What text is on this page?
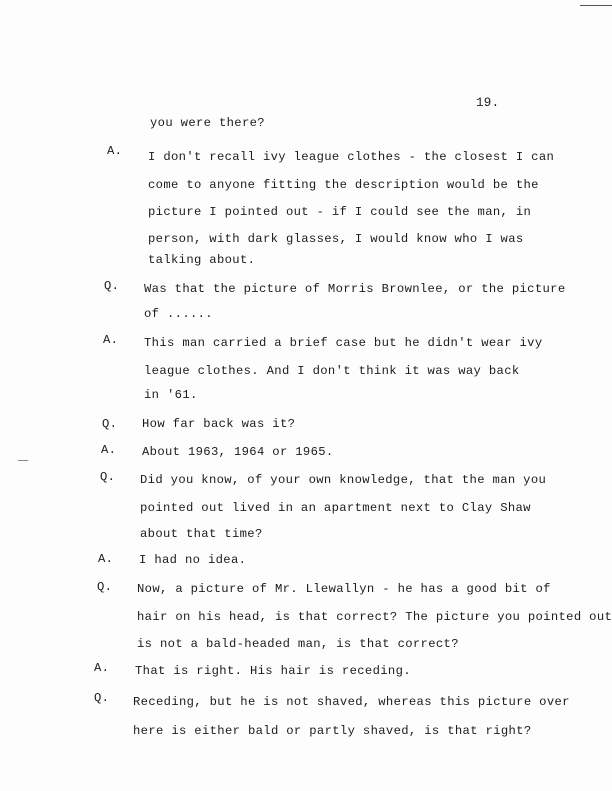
19.
you were there?
A. I don't recall ivy league clothes - the closest I can
come to anyone fitting the description would be the
picture I pointed out - if I could see the man, in
person, with dark glasses, I would know who I was
talking about.
Q. Was that the picture of Morris Brownlee, or the picture
of ......
A. This man carried a brief case but he didn't wear ivy
league clothes. And I don't think it was way back
in '61.
Q. How far back was it?
A. About 1963, 1964 or 1965.
Q. Did you know, of your own knowledge, that the man you
pointed out lived in an apartment next to Clay Shaw
about that time?
A. I had no idea.
Q. Now, a picture of Mr. Llewallyn - he has a good bit of
hair on his head, is that correct? The picture you pointed out
is not a bald-headed man, is that correct?
A. That is right. His hair is receding.
Q. Receding, but he is not shaved, whereas this picture over
here is either bald or partly shaved, is that right?
